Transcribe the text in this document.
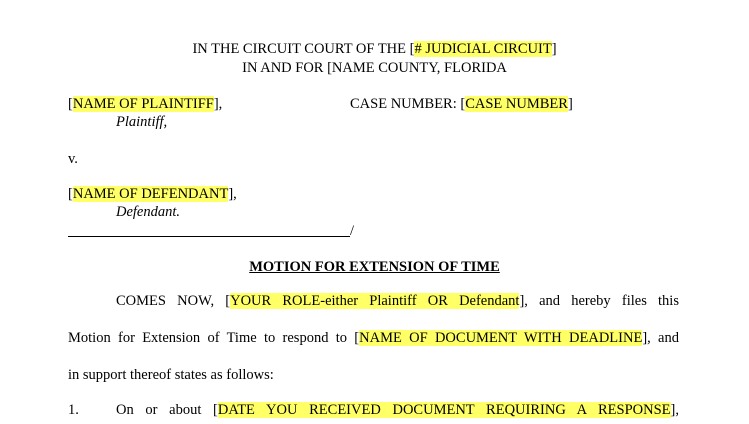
IN THE CIRCUIT COURT OF THE [# JUDICIAL CIRCUIT]
IN AND FOR [NAME COUNTY, FLORIDA
[NAME OF PLAINTIFF],
Plaintiff,
CASE NUMBER: [CASE NUMBER]
v.
[NAME OF DEFENDANT],
Defendant.
/
MOTION FOR EXTENSION OF TIME
COMES NOW, [YOUR ROLE-either Plaintiff OR Defendant], and hereby files this
Motion for Extension of Time to respond to [NAME OF DOCUMENT WITH DEADLINE], and
in support thereof states as follows:
1.	On or about [DATE YOU RECEIVED DOCUMENT REQUIRING A RESPONSE],
